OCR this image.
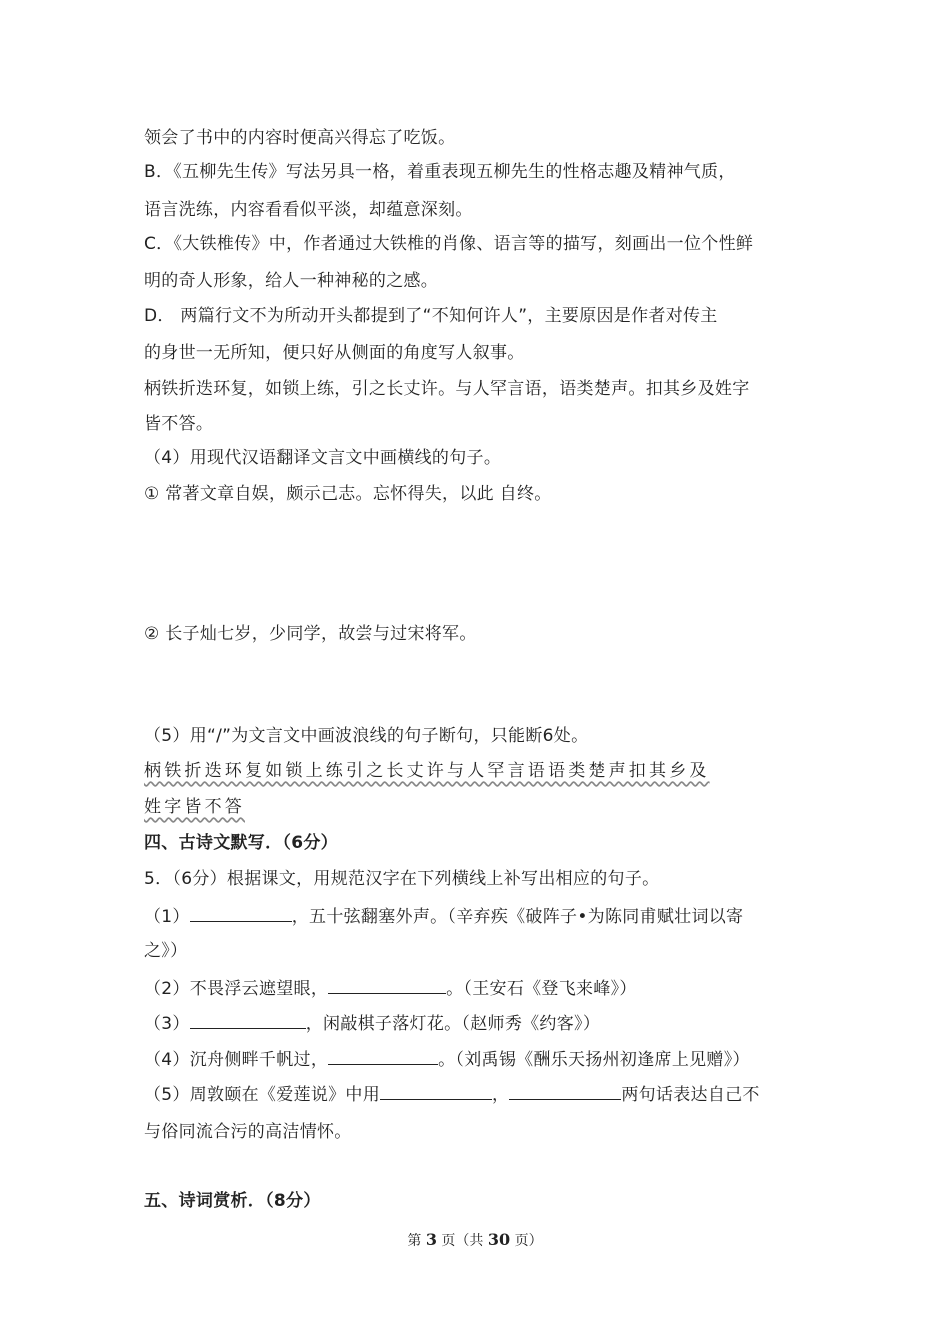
领会了书中的内容时便高兴得忘了吃饭。
B．《五柳先生传》写法另具一格，着重表现五柳先生的性格志趣及精神气质，
语言洗练，内容看看似平淡，却蕴意深刻。
C．《大铁椎传》中，作者通过大铁椎的肖像、语言等的描写，刻画出一位个性鲜
明的奇人形象，给人一种神秘的之感。
D． 两篇行文不为所动开头都提到了“不知何许人”，主要原因是作者对传主
的身世一无所知，便只好从侧面的角度写人叙事。
柄铁折迭环复，如锁上练，引之长丈许。与人罕言语，语类楚声。扣其乡及姓字
皆不答。
（4）用现代汉语翻译文言文中画横线的句子。
① 常著文章自娱，颇示己志。忘怀得失，以此 自终。
② 长子灿七岁，少同学，故尝与过宋将军。
（5）用“/”为文言文中画波浪线的句子断句，只能断6处。
柄铁折迭环复如锁上练引之长丈许与人罕言语语类楚声扣其乡及
姓字皆不答
四、古诗文默写．（6分）
5．（6分）根据课文，用规范汉字在下列横线上补写出相应的句子。
（1）	，五十弦翻塞外声。（辛弃疾《破阵子•为陈同甫赋壮词以寄
之》）
（2）不畏浮云遮望眼，	。（王安石《登飞来峰》）
（3）	，闲敲棋子落灯花。（赵师秀《约客》）
（4）沉舟侧畔千帆过，	。（刘禹锡《酬乐天扬州初逢席上见赠》）
（5）周敦颐在《爱莲说》中用	，	两句话表达自己不
与俗同流合污的高洁情怀。
五、诗词赏析．（8分）
第 3 页（共 30 页）
